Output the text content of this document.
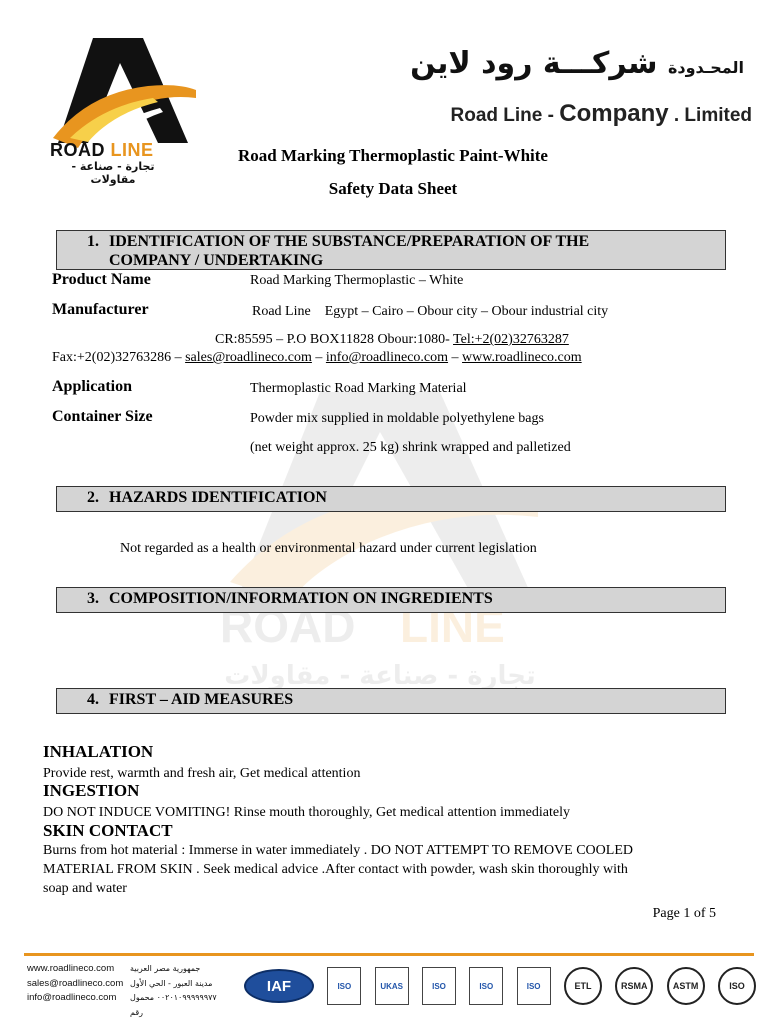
ROAD LINE
تجارة - صناعة - مقاولات
المحـدودة شركـــة رود لاين
Road Line - Company . Limited
Road Marking Thermoplastic Paint-White
Safety Data Sheet
ROAD LINE
تجارة - صناعة - مقاولات
1. IDENTIFICATION OF THE SUBSTANCE/PREPARATION OF THE
COMPANY / UNDERTAKING
Product Name	Road Marking Thermoplastic – White
Manufacturer	Road Line    Egypt – Cairo – Obour city – Obour industrial city
CR:85595 – P.O BOX11828 Obour:1080- Tel:+2(02)32763287
Fax:+2(02)32763286 – sales@roadlineco.com – info@roadlineco.com – www.roadlineco.com
Application	Thermoplastic Road Marking Material
Container Size	Powder mix supplied in moldable polyethylene bags
(net weight approx. 25 kg) shrink wrapped and palletized
2. HAZARDS IDENTIFICATION
Not regarded as a health or environmental hazard under current legislation
3. COMPOSITION/INFORMATION ON INGREDIENTS
4. FIRST – AID MEASURES
INHALATION
Provide rest, warmth and fresh air, Get medical attention
INGESTION
DO NOT INDUCE VOMITING! Rinse mouth thoroughly, Get medical attention immediately
SKIN CONTACT
Burns from hot material : Immerse in water immediately . DO NOT ATTEMPT TO REMOVE COOLED
MATERIAL FROM SKIN . Seek medical advice .After contact with powder, wash skin thoroughly with
soap and water
Page 1 of 5
www.roadlineco.com
sales@roadlineco.com
info@roadlineco.com
جمهورية مصر العربية
مدينة العبور - الحي الأول
٠٠٢٠١٠٩٩٩٩٩٩٧٧ محمول رقم
IAF	ISO	UKAS	ISO	ISO	ISO	ETL	RSMA	ASTM	ISO
